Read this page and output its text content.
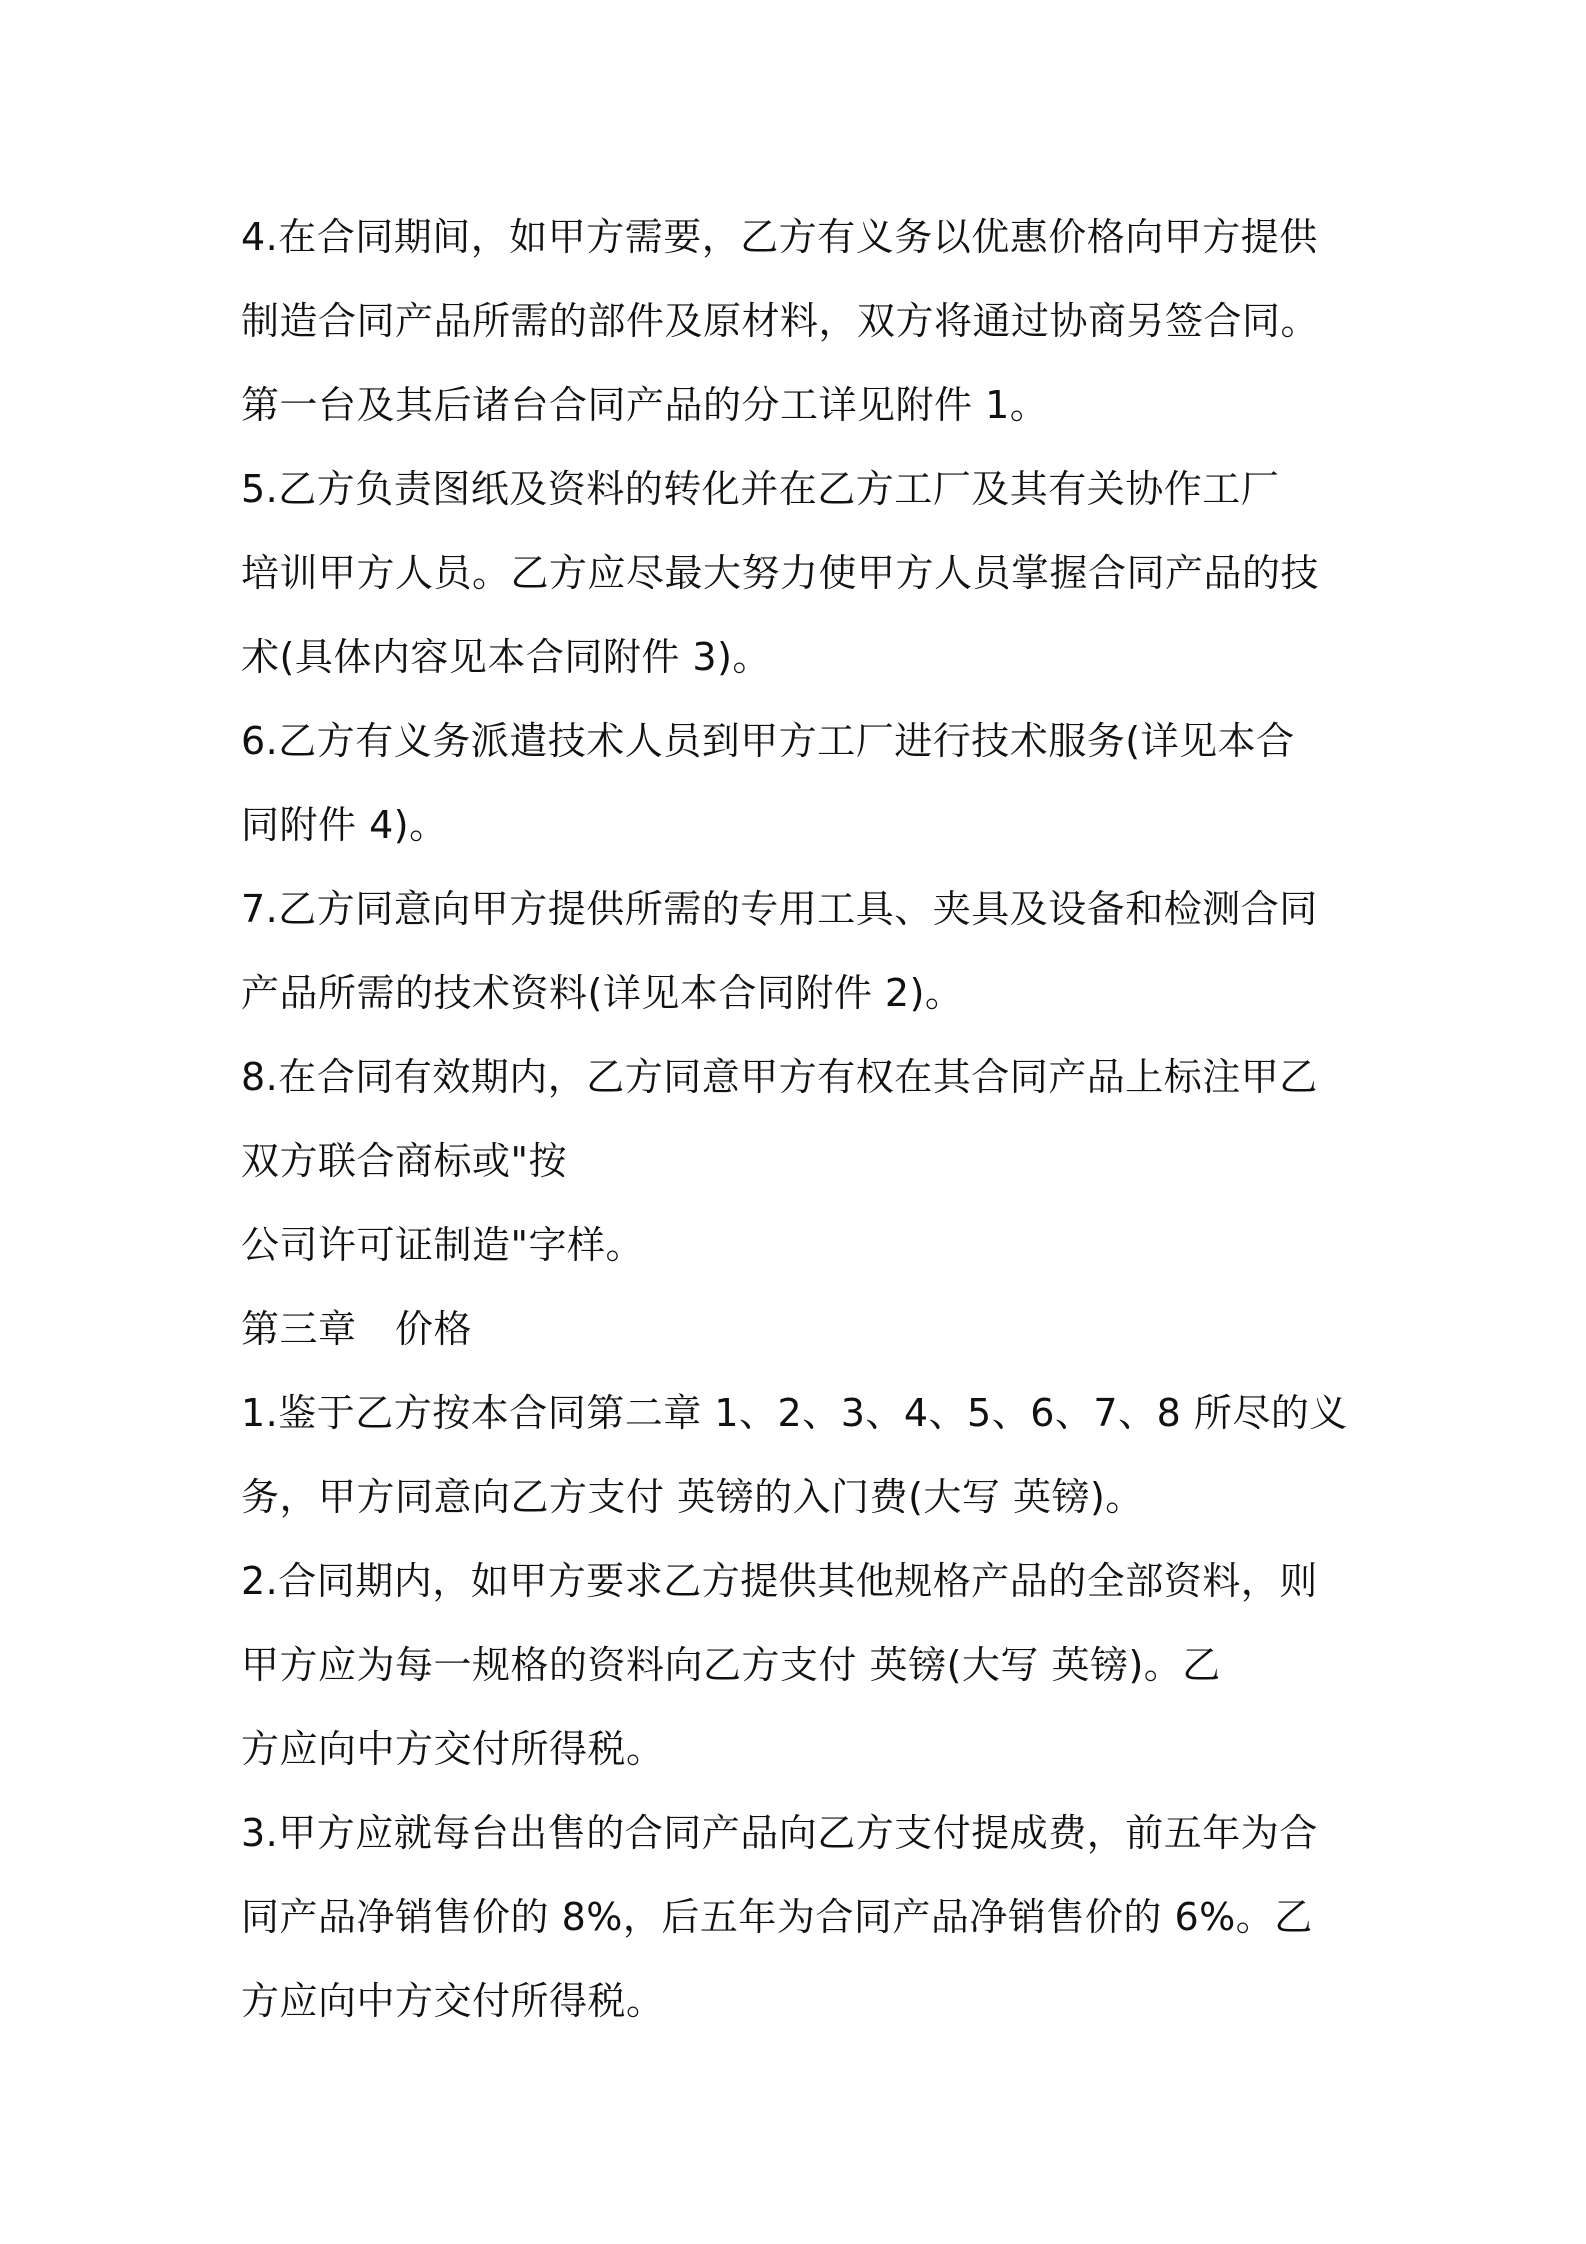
4.在合同期间，如甲方需要，乙方有义务以优惠价格向甲方提供
制造合同产品所需的部件及原材料，双方将通过协商另签合同。
第一台及其后诸台合同产品的分工详见附件 1。
5.乙方负责图纸及资料的转化并在乙方工厂及其有关协作工厂
培训甲方人员。乙方应尽最大努力使甲方人员掌握合同产品的技
术(具体内容见本合同附件 3)。
6.乙方有义务派遣技术人员到甲方工厂进行技术服务(详见本合
同附件 4)。
7.乙方同意向甲方提供所需的专用工具、夹具及设备和检测合同
产品所需的技术资料(详见本合同附件 2)。
8.在合同有效期内，乙方同意甲方有权在其合同产品上标注甲乙
双方联合商标或"按
公司许可证制造"字样。
第三章　价格
1.鉴于乙方按本合同第二章 1、2、3、4、5、6、7、8 所尽的义
务，甲方同意向乙方支付 英镑的入门费(大写 英镑)。
2.合同期内，如甲方要求乙方提供其他规格产品的全部资料，则
甲方应为每一规格的资料向乙方支付 英镑(大写 英镑)。乙
方应向中方交付所得税。
3.甲方应就每台出售的合同产品向乙方支付提成费，前五年为合
同产品净销售价的 8%，后五年为合同产品净销售价的 6%。乙
方应向中方交付所得税。
